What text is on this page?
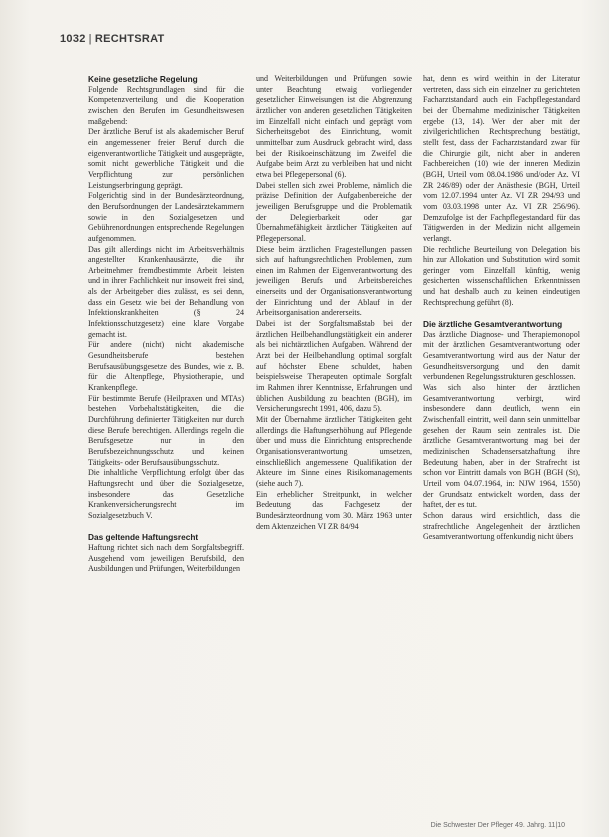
1032 | RECHTSRAT
Keine gesetzliche Regelung

Folgende Rechtsgrundlagen sind für die Kompetenzverteilung und die Kooperation zwischen den Berufen im Gesundheitswesen maßgebend:

Der ärztliche Beruf ist als akademischer Beruf ein angemessener freier Beruf durch die eigenverantwortliche Tätigkeit und ausgeprägte, somit nicht gewerbliche Tätigkeit und die Verpflichtung zur persönlichen Leistungserbringung geprägt.

Folgerichtig sind in der Bundesärzteordnung, den Berufsordnungen der Landesärztekammern sowie in den Sozialgesetzen und Gebührenordnungen entsprechende Regelungen aufgenommen.

Das gilt allerdings nicht im Arbeitsverhältnis angestellter Krankenhausärzte, die ihr Arbeitnehmer fremdbestimmte Arbeit leisten und in ihrer Fachlichkeit nur insoweit frei sind, als der Arbeitgeber dies zulässt, es sei denn, dass ein Gesetz wie bei der Behandlung von Infektionskrankheiten (§ 24 Infektionsschutzgesetz) eine klare Vorgabe gemacht ist.

Für andere (nicht) nicht akademische Gesundheitsberufe bestehen Berufsausübungsgesetze des Bundes, wie z. B. für die Altenpflege, Physiotherapie, und Krankenpflege.

Für bestimmte Berufe (Heilpraxen und MTAs) bestehen Vorbehaltstätigkeiten, die die Durchführung definierter Tätigkeiten nur durch diese Berufe berechtigen. Allerdings regeln die Berufsgesetze nur in den Berufsbezeichnungsschutz und keinen Tätigkeits- oder Berufsausübungsschutz.

Die inhaltliche Verpflichtung erfolgt über das Haftungsrecht und über die Sozialgesetze, insbesondere das Gesetzliche Krankenversicherungsrecht im Sozialgesetzbuch V.

Das geltende Haftungsrecht

Haftung richtet sich nach dem Sorgfaltsbegriff. Ausgehend vom jeweiligen Berufsbild, den Ausbildungen und Prüfungen, Weiterbildungen

und Weiterbildungen und Prüfungen sowie unter Beachtung etwaig vorliegender gesetzlicher Einweisungen ist die Abgrenzung ärztlicher von anderen gesetzlichen Tätigkeiten im Einzelfall nicht einfach und geprägt vom Sicherheitsgebot des Einrichtung, womit unmittelbar zum Ausdruck gebracht wird, dass bei der Risikoeinschätzung im Zweifel die Aufgabe beim Arzt zu verbleiben hat und nicht etwa bei Pflegepersonal (6).

Dabei stellen sich zwei Probleme, nämlich die präzise Definition der Aufgabenbereiche der jeweiligen Berufsgruppe und die Problematik der Delegierbarkeit oder gar Übernahmefähigkeit ärztlicher Tätigkeiten auf Pflegepersonal.

Diese beim ärztlichen Fragestellungen passen sich auf haftungsrechtlichen Problemen, zum einen im Rahmen der Eigenverantwortung des jeweiligen Berufs und Arbeitsbereiches einerseits und der Organisationsverantwortung der Einrichtung und der Ablauf in der Arbeitsorganisation andererseits.

Dabei ist der Sorgfaltsmaßstab bei der ärztlichen Heilbehandlungstätigkeit ein anderer als bei nichtärztlichen Aufgaben. Während der Arzt bei der Heilbehandlung optimal sorgfalt auf höchster Ebene schuldet, haben beispielsweise Therapeuten optimale Sorgfalt im Rahmen ihrer Kenntnisse, Erfahrungen und üblichen Ausbildung zu beachten (BGH), im Versicherungsrecht 1991, 406, dazu 5).

Mit der Übernahme ärztlicher Tätigkeiten geht allerdings die Haftungserhöhung auf Pflegende über und muss die Einrichtung entsprechende Organisationsverantwortung umsetzen, einschließlich angemessene Qualifikation der Akteure im Sinne eines Risikomanagements (siehe auch 7).

Ein erheblicher Streitpunkt, in welcher Bedeutung das Fachgesetz der Bundesärzteordnung vom 30. März 1963 unter dem Aktenzeichen VI ZR 84/94

hat, denn es wird weithin in der Literatur vertreten, dass sich ein einzelner zu gerichteten Facharztstandard auch ein Fachpflegestandard bei der Übernahme medizinischer Tätigkeiten ergebe (13, 14). Wer der aber mit der zivilgerichtlichen Rechtsprechung bestätigt, stellt fest, dass der Facharztstandard zwar für die Chirurgie gilt, nicht aber in anderen Fachbereichen (10) wie der inneren Medizin (BGH, Urteil vom 08.04.1986 und/oder Az. VI ZR 246/89) oder der Anästhesie (BGH, Urteil vom 12.07.1994 unter Az. VI ZR 294/93 und vom 03.03.1998 unter Az. VI ZR 256/96). Demzufolge ist der Fachpflegestandard für das Tätigwerden in der Medizin nicht allgemein verlangt.

Die rechtliche Beurteilung von Delegation bis hin zur Allokation und Substitution wird somit geringer vom Einzelfall künftig, wenig gesicherten wissenschaftlichen Erkenntnissen und hat deshalb auch zu keinen eindeutigen Rechtsprechung geführt (8).

Die ärztliche Gesamtverantwortung

Das ärztliche Diagnose- und Therapiemonopol mit der ärztlichen Gesamtverantwortung oder Gesamtverantwortung wird aus der Natur der Gesundheitsversorgung und den damit verbundenen Regelungsstrukturen geschlossen.

Was sich also hinter der ärztlichen Gesamtverantwortung verbirgt, wird insbesondere dann deutlich, wenn ein Zwischenfall eintritt, weil dann sein unmittelbar gesehen der Raum sein zentrales ist. Die ärztliche Gesamtverantwortung mag bei der medizinischen Schadensersatzhaftung ihre Bedeutung haben, aber in der Strafrecht ist schon vor Eintritt damals von BGH (BGH (St), Urteil vom 04.07.1964, in: NJW 1964, 1550) der Grundsatz entwickelt worden, dass der haftet, der es tut.

Schon daraus wird ersichtlich, dass die strafrechtliche Angelegenheit der ärztlichen Gesamtverantwortung offenkundig nicht übers

Die Schwester Der Pfleger 49. Jahrg. 11|10
